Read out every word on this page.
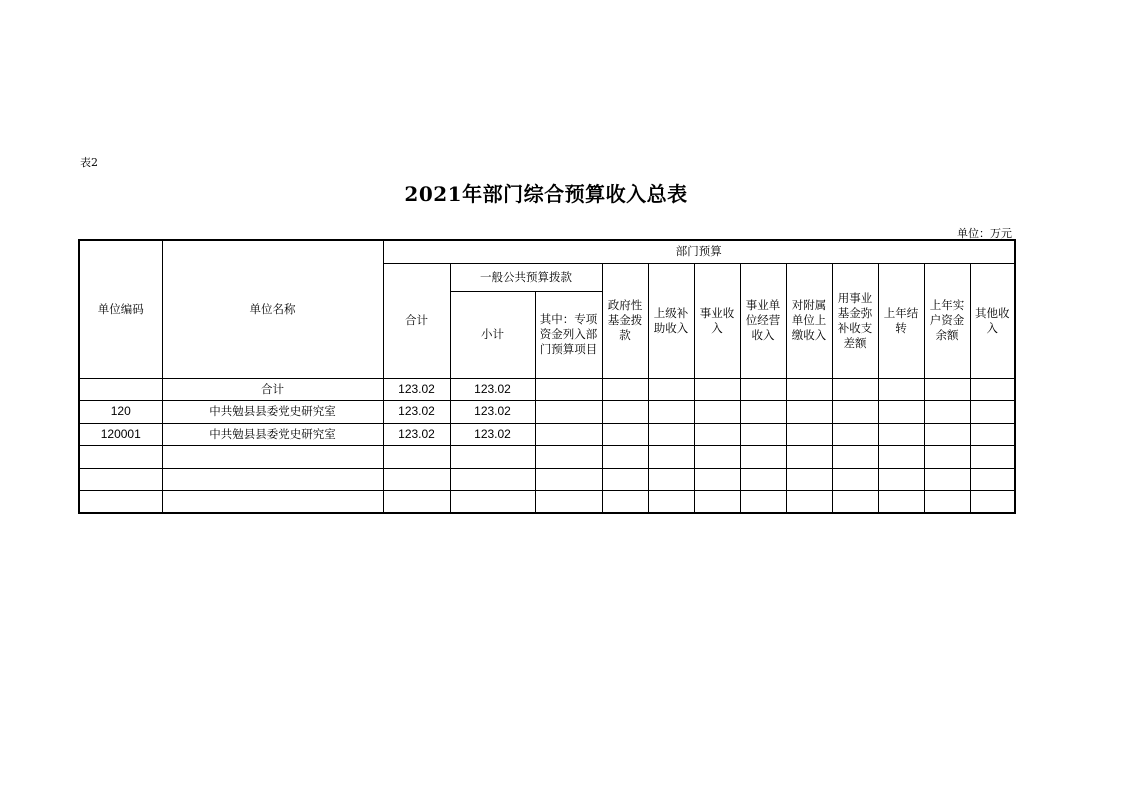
表2
2021年部门综合预算收入总表
单位：万元
单位编码	单位名称	部门预算											
		合计	一般公共预算拨款		政府性基金拨款	上级补助收入	事业收入	事业单位经营收入	对附属单位上缴收入	用事业基金弥补收支差额	上年结转	上年实户资金余额	其他收入
			小计	其中：专项资金列入部门预算项目									
	合计	123.02	123.02										
120	中共勉县县委党史研究室	123.02	123.02										
120001	中共勉县县委党史研究室	123.02	123.02										
